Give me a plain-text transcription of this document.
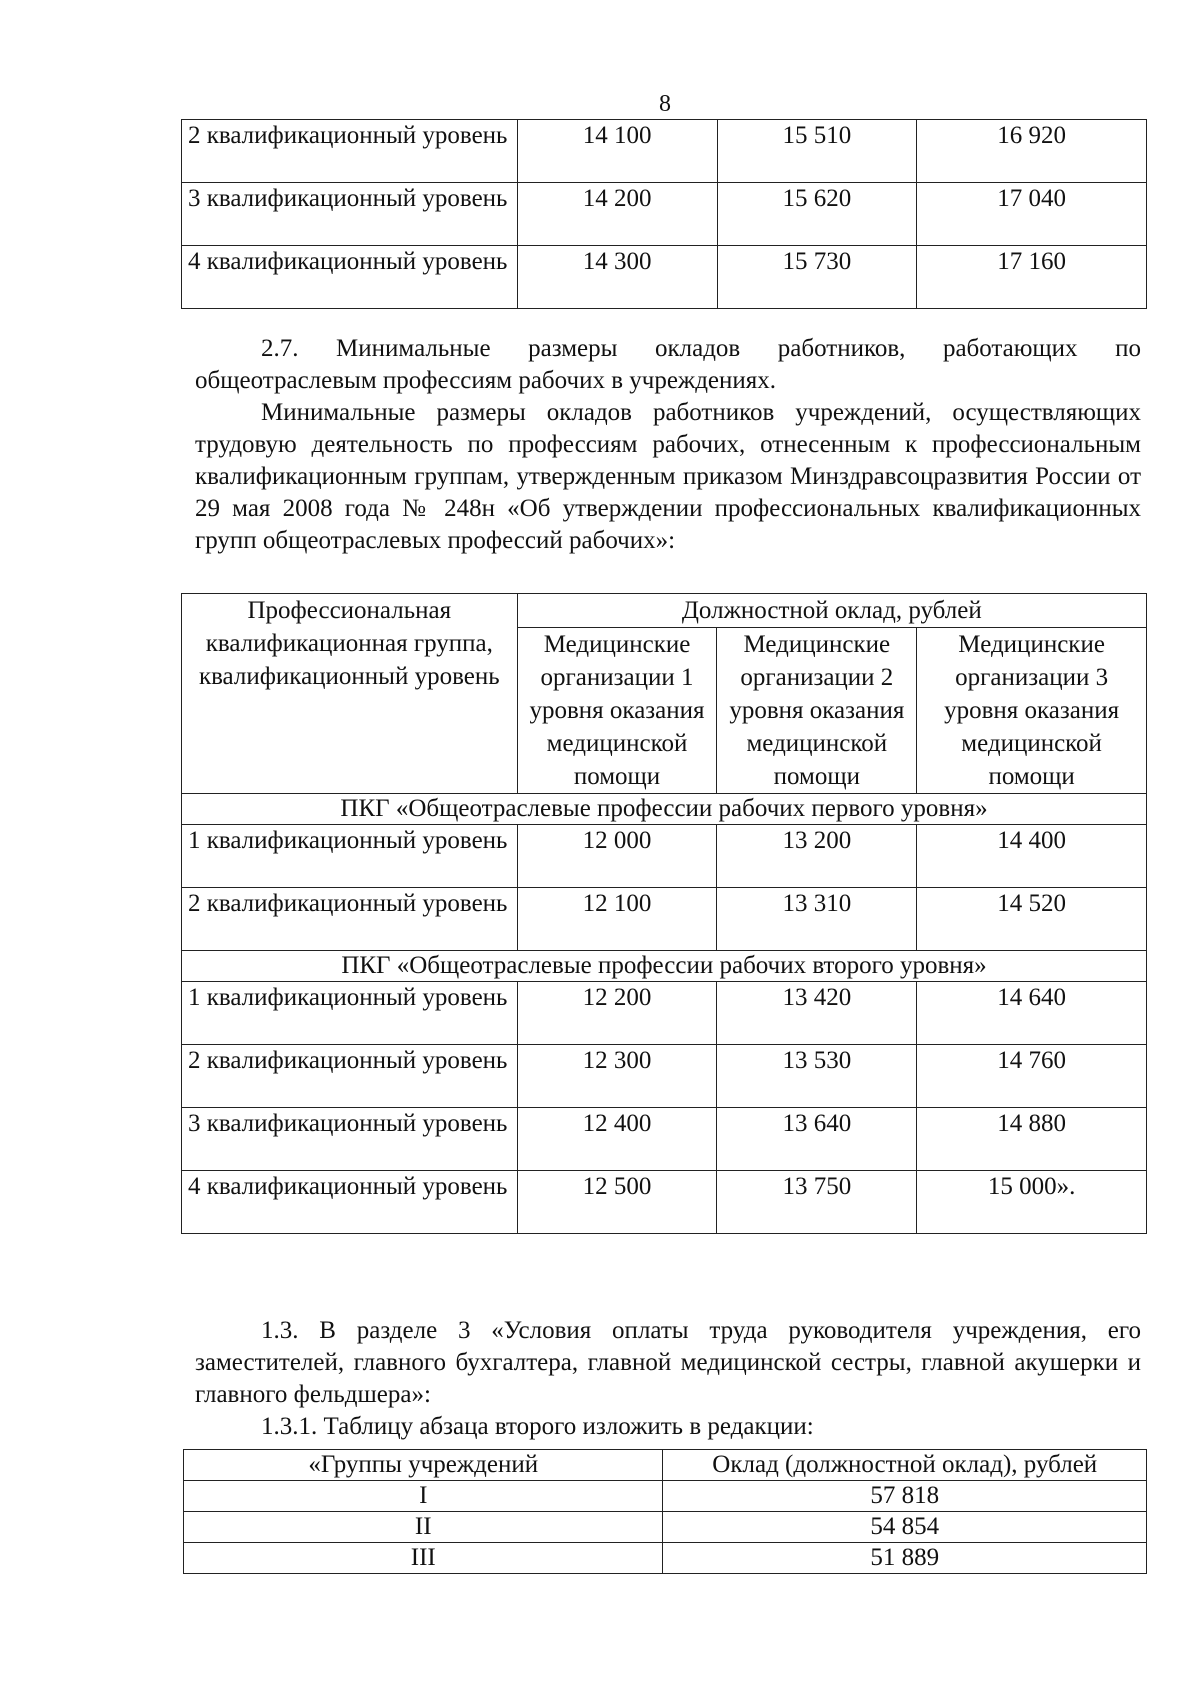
8
2 квалификационный уровень	14 100	15 510	16 920
3 квалификационный уровень	14 200	15 620	17 040
4 квалификационный уровень	14 300	15 730	17 160

2.7. Минимальные размеры окладов работников, работающих по общеотраслевым профессиям рабочих в учреждениях.

Минимальные размеры окладов работников учреждений, осуществляющих трудовую деятельность по профессиям рабочих, отнесенным к профессиональным квалификационным группам, утвержденным приказом Минздравсоцразвития России от 29 мая 2008 года № 248н «Об утверждении профессиональных квалификационных групп общеотраслевых профессий рабочих»:

Профессиональная квалификационная группа, квалификационный уровень	Должностной оклад, рублей		
	Медицинские организации 1 уровня оказания медицинской помощи	Медицинские организации 2 уровня оказания медицинской помощи	Медицинские организации 3 уровня оказания медицинской помощи
ПКГ «Общеотраслевые профессии рабочих первого уровня»			
1 квалификационный уровень	12 000	13 200	14 400
2 квалификационный уровень	12 100	13 310	14 520
ПКГ «Общеотраслевые профессии рабочих второго уровня»			
1 квалификационный уровень	12 200	13 420	14 640
2 квалификационный уровень	12 300	13 530	14 760
3 квалификационный уровень	12 400	13 640	14 880
4 квалификационный уровень	12 500	13 750	15 000».

1.3. В разделе 3 «Условия оплаты труда руководителя учреждения, его заместителей, главного бухгалтера, главной медицинской сестры, главной акушерки и главного фельдшера»:

1.3.1. Таблицу абзаца второго изложить в редакции:

«Группы учреждений	Оклад (должностной оклад), рублей
I	57 818
II	54 854
III	51 889
